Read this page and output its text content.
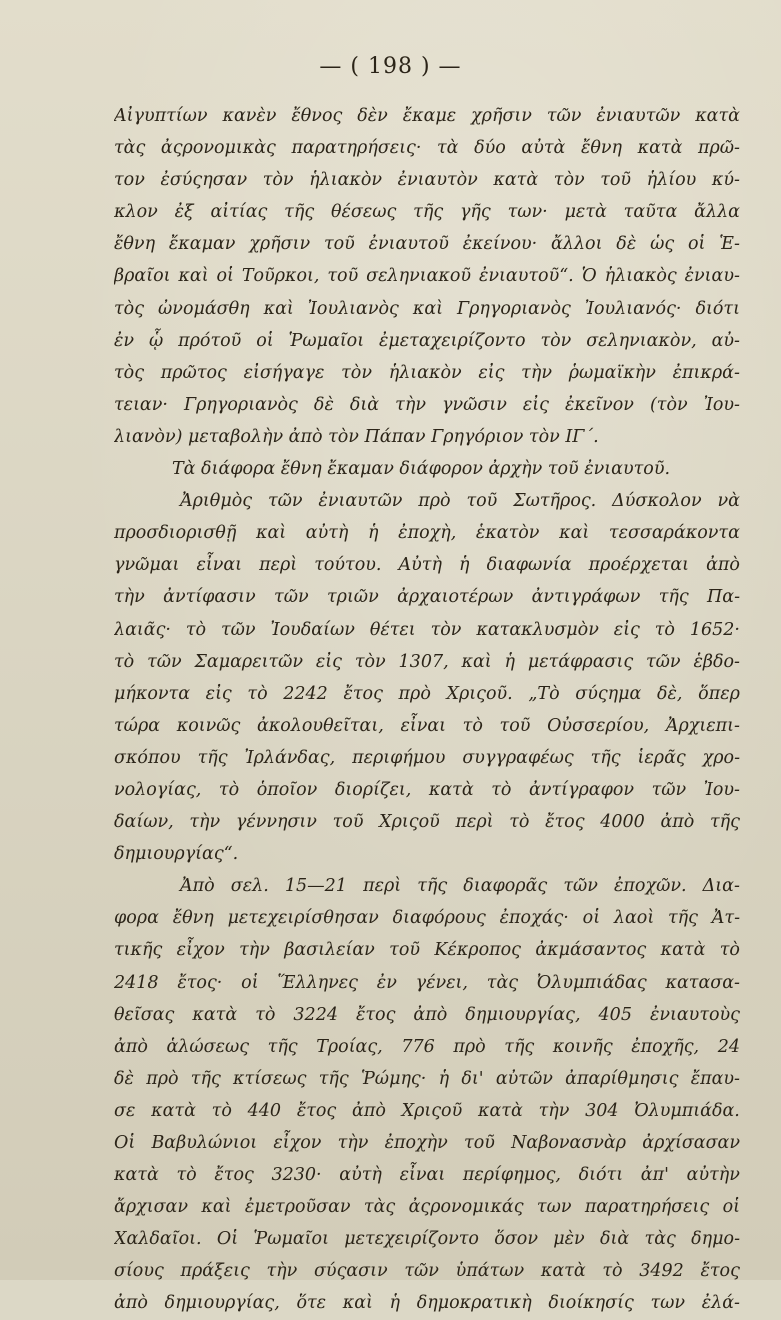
— ( 198 ) —
Αἰγυπτίων κανὲν ἔθνος δὲν ἔκαμε χρῆσιν τῶν ἐνιαυτῶν κατὰ
τὰς ἀςρονομικὰς παρατηρήσεις· τὰ δύο αὐτὰ ἔθνη κατὰ πρῶ-
τον ἐσύςησαν τὸν ἡλιακὸν ἐνιαυτὸν κατὰ τὸν τοῦ ἡλίου κύ-
κλον ἐξ αἰτίας τῆς θέσεως τῆς γῆς των· μετὰ ταῦτα ἄλλα
ἔθνη ἔκαμαν χρῆσιν τοῦ ἐνιαυτοῦ ἐκείνου· ἄλλοι δὲ ὡς οἱ Ἑ-
βραῖοι καὶ οἱ Τοῦρκοι, τοῦ σεληνιακοῦ ἐνιαυτοῦ“. Ὁ ἡλιακὸς ἐνιαυ-
τὸς ὠνομάσθη καὶ Ἰουλιανὸς καὶ Γρηγοριανὸς Ἰουλιανός· διότι
ἐν ᾧ πρότοῦ οἱ Ῥωμαῖοι ἐμεταχειρίζοντο τὸν σεληνιακὸν, αὐ-
τὸς πρῶτος εἰσήγαγε τὸν ἡλιακὸν εἰς τὴν ῥωμαϊκὴν ἐπικρά-
τειαν· Γρηγοριανὸς δὲ διὰ τὴν γνῶσιν εἰς ἐκεῖνον (τὸν Ἰου-
λιανὸν) μεταβολὴν ἀπὸ τὸν Πάπαν Γρηγόριον τὸν ΙΓ΄.
Τὰ διάφορα ἔθνη ἔκαμαν διάφορον ἀρχὴν τοῦ ἐνιαυτοῦ.
Ἀριθμὸς τῶν ἐνιαυτῶν πρὸ τοῦ Σωτῆρος. Δύσκολον νὰ
προσδιορισθῇ καὶ αὐτὴ ἡ ἐποχὴ, ἑκατὸν καὶ τεσσαράκοντα
γνῶμαι εἶναι περὶ τούτου. Αὐτὴ ἡ διαφωνία προέρχεται ἀπὸ
τὴν ἀντίφασιν τῶν τριῶν ἀρχαιοτέρων ἀντιγράφων τῆς Πα-
λαιᾶς· τὸ τῶν Ἰουδαίων θέτει τὸν κατακλυσμὸν εἰς τὸ 1652·
τὸ τῶν Σαμαρειτῶν εἰς τὸν 1307, καὶ ἡ μετάφρασις τῶν ἑβδο-
μήκοντα εἰς τὸ 2242 ἔτος πρὸ Χριςοῦ. „Τὸ σύςημα δὲ, ὅπερ
τώρα κοινῶς ἀκολουθεῖται, εἶναι τὸ τοῦ Οὐσσερίου, Ἀρχιεπι-
σκόπου τῆς Ἰρλάνδας, περιφήμου συγγραφέως τῆς ἱερᾶς χρο-
νολογίας, τὸ ὁποῖον διορίζει, κατὰ τὸ ἀντίγραφον τῶν Ἰου-
δαίων, τὴν γέννησιν τοῦ Χριςοῦ περὶ τὸ ἔτος 4000 ἀπὸ τῆς
δημιουργίας“.
Ἀπὸ σελ. 15—21 περὶ τῆς διαφορᾶς τῶν ἐποχῶν. Δια-
φορα ἔθνη μετεχειρίσθησαν διαφόρους ἐποχάς· οἱ λαοὶ τῆς Ἀτ-
τικῆς εἶχον τὴν βασιλείαν τοῦ Κέκροπος ἀκμάσαντος κατὰ τὸ
2418 ἔτος· οἱ Ἕλληνες ἐν γένει, τὰς Ὀλυμπιάδας κατασα-
θεῖσας κατὰ τὸ 3224 ἔτος ἀπὸ δημιουργίας, 405 ἐνιαυτοὺς
ἀπὸ ἁλώσεως τῆς Τροίας, 776 πρὸ τῆς κοινῆς ἐποχῆς, 24
δὲ πρὸ τῆς κτίσεως τῆς Ῥώμης· ἡ δι' αὐτῶν ἀπαρίθμησις ἔπαυ-
σε κατὰ τὸ 440 ἔτος ἀπὸ Χριςοῦ κατὰ τὴν 304 Ὀλυμπιάδα.
Οἱ Βαβυλώνιοι εἶχον τὴν ἐποχὴν τοῦ Ναβονασνὰρ ἀρχίσασαν
κατὰ τὸ ἔτος 3230· αὐτὴ εἶναι περίφημος, διότι ἀπ' αὐτὴν
ἄρχισαν καὶ ἐμετροῦσαν τὰς ἀςρονομικάς των παρατηρήσεις οἱ
Χαλδαῖοι. Οἱ Ῥωμαῖοι μετεχειρίζοντο ὅσον μὲν διὰ τὰς δημο-
σίους πράξεις τὴν σύςασιν τῶν ὑπάτων κατὰ τὸ 3492 ἔτος
ἀπὸ δημιουργίας, ὅτε καὶ ἡ δημοκρατικὴ διοίκησίς των ἐλά-
